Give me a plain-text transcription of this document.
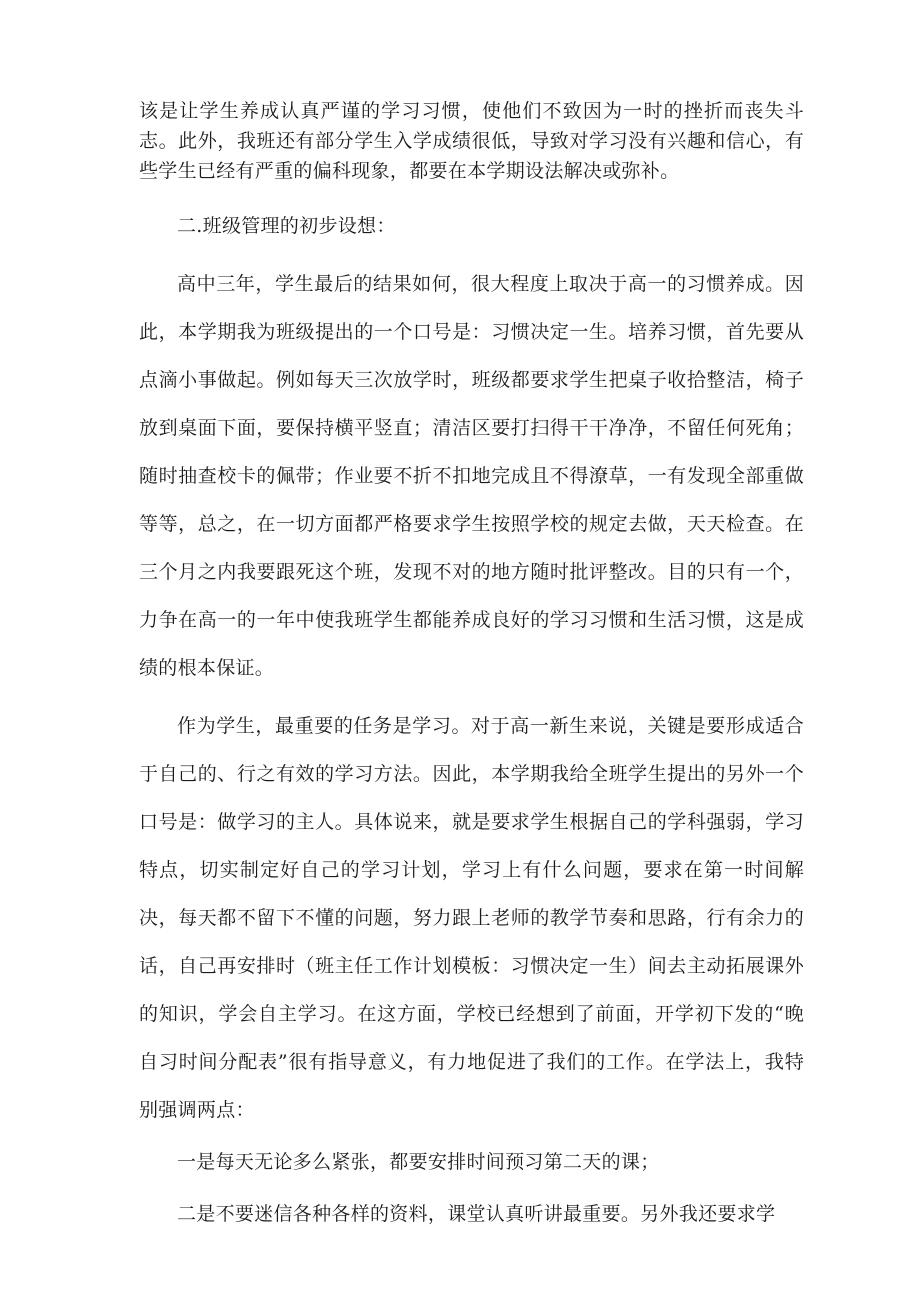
该是让学生养成认真严谨的学习习惯，使他们不致因为一时的挫折而丧失斗志。此外，我班还有部分学生入学成绩很低，导致对学习没有兴趣和信心，有些学生已经有严重的偏科现象，都要在本学期设法解决或弥补。

二.班级管理的初步设想：

高中三年，学生最后的结果如何，很大程度上取决于高一的习惯养成。因此，本学期我为班级提出的一个口号是：习惯决定一生。培养习惯，首先要从点滴小事做起。例如每天三次放学时，班级都要求学生把桌子收拾整洁，椅子放到桌面下面，要保持横平竖直；清洁区要打扫得干干净净，不留任何死角；随时抽查校卡的佩带；作业要不折不扣地完成且不得潦草，一有发现全部重做等等，总之，在一切方面都严格要求学生按照学校的规定去做，天天检查。在三个月之内我要跟死这个班，发现不对的地方随时批评整改。目的只有一个，力争在高一的一年中使我班学生都能养成良好的学习习惯和生活习惯，这是成绩的根本保证。

作为学生，最重要的任务是学习。对于高一新生来说，关键是要形成适合于自己的、行之有效的学习方法。因此，本学期我给全班学生提出的另外一个口号是：做学习的主人。具体说来，就是要求学生根据自己的学科强弱，学习特点，切实制定好自己的学习计划，学习上有什么问题，要求在第一时间解决，每天都不留下不懂的问题，努力跟上老师的教学节奏和思路，行有余力的话，自己再安排时（班主任工作计划模板：习惯决定一生）间去主动拓展课外的知识，学会自主学习。在这方面，学校已经想到了前面，开学初下发的“晚自习时间分配表”很有指导意义，有力地促进了我们的工作。在学法上，我特别强调两点：

一是每天无论多么紧张，都要安排时间预习第二天的课；

二是不要迷信各种各样的资料，课堂认真听讲最重要。另外我还要求学
